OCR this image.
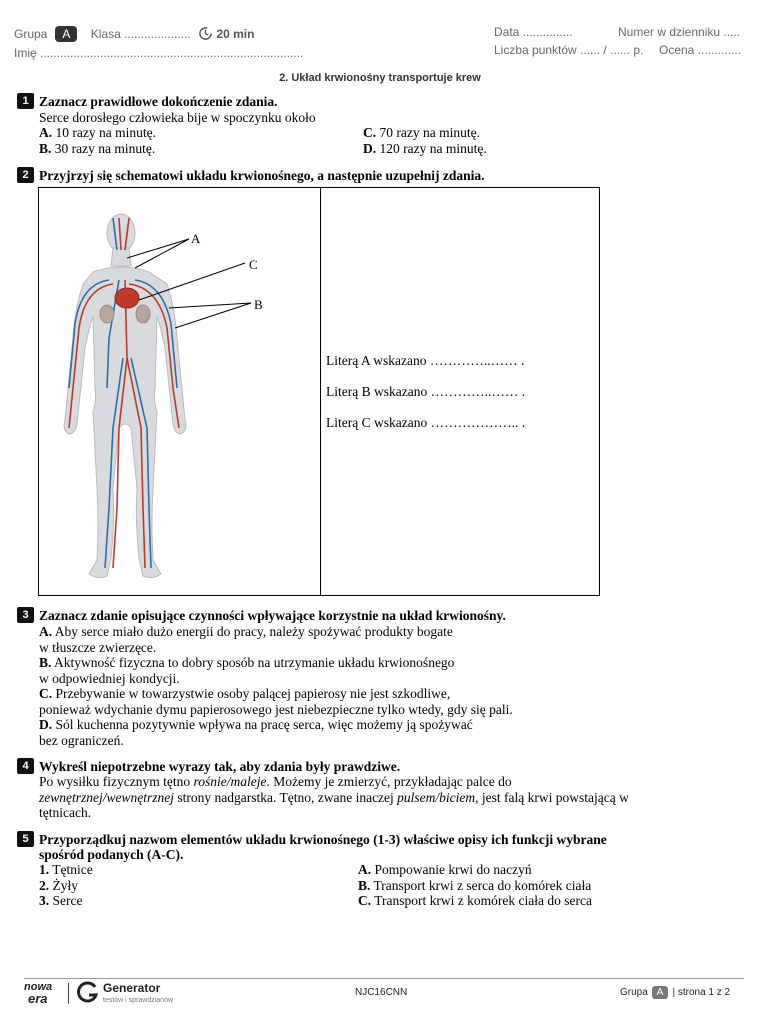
Grupa A Klasa .................... 20 min
Imię ...............................................................................
Data ...............	Numer w dzienniku .....
Liczba punktów ...... / ...... p. Ocena .............
2. Układ krwionośny transportuje krew
1 Zaznacz prawidłowe dokończenie zdania.
Serce dorosłego człowieka bije w spoczynku około
A. 10 razy na minutę.
B. 30 razy na minutę.
C. 70 razy na minutę.
D. 120 razy na minutę.
2 Przyjrzyj się schematowi układu krwionośnego, a następnie uzupełnij zdania.
A
C
B
Literą A wskazano …………..…… .
Literą B wskazano …………..…… .
Literą C wskazano ……………….. .
3 Zaznacz zdanie opisujące czynności wpływające korzystnie na układ krwionośny.
A. Aby serce miało dużo energii do pracy, należy spożywać produkty bogate
w tłuszcze zwierzęce.
B. Aktywność fizyczna to dobry sposób na utrzymanie układu krwionośnego
w odpowiedniej kondycji.
C. Przebywanie w towarzystwie osoby palącej papierosy nie jest szkodliwe,
ponieważ wdychanie dymu papierosowego jest niebezpieczne tylko wtedy, gdy się pali.
D. Sól kuchenna pozytywnie wpływa na pracę serca, więc możemy ją spożywać
bez ograniczeń.
4 Wykreśl niepotrzebne wyrazy tak, aby zdania były prawdziwe.
Po wysiłku fizycznym tętno rośnie/maleje. Możemy je zmierzyć, przykładając palce do
zewnętrznej/wewnętrznej strony nadgarstka. Tętno, zwane inaczej pulsem/biciem, jest falą krwi powstającą w
tętnicach.
5 Przyporządkuj nazwom elementów układu krwionośnego (1-3) właściwe opisy ich funkcji wybrane
spośród podanych (A-C).
1. Tętnice
2. Żyły
3. Serce
A. Pompowanie krwi do naczyń
B. Transport krwi z serca do komórek ciała
C. Transport krwi z komórek ciała do serca
nowa
era
Generator
testów i sprawdzianów
NJC16CNN	Grupa A | strona 1 z 2
